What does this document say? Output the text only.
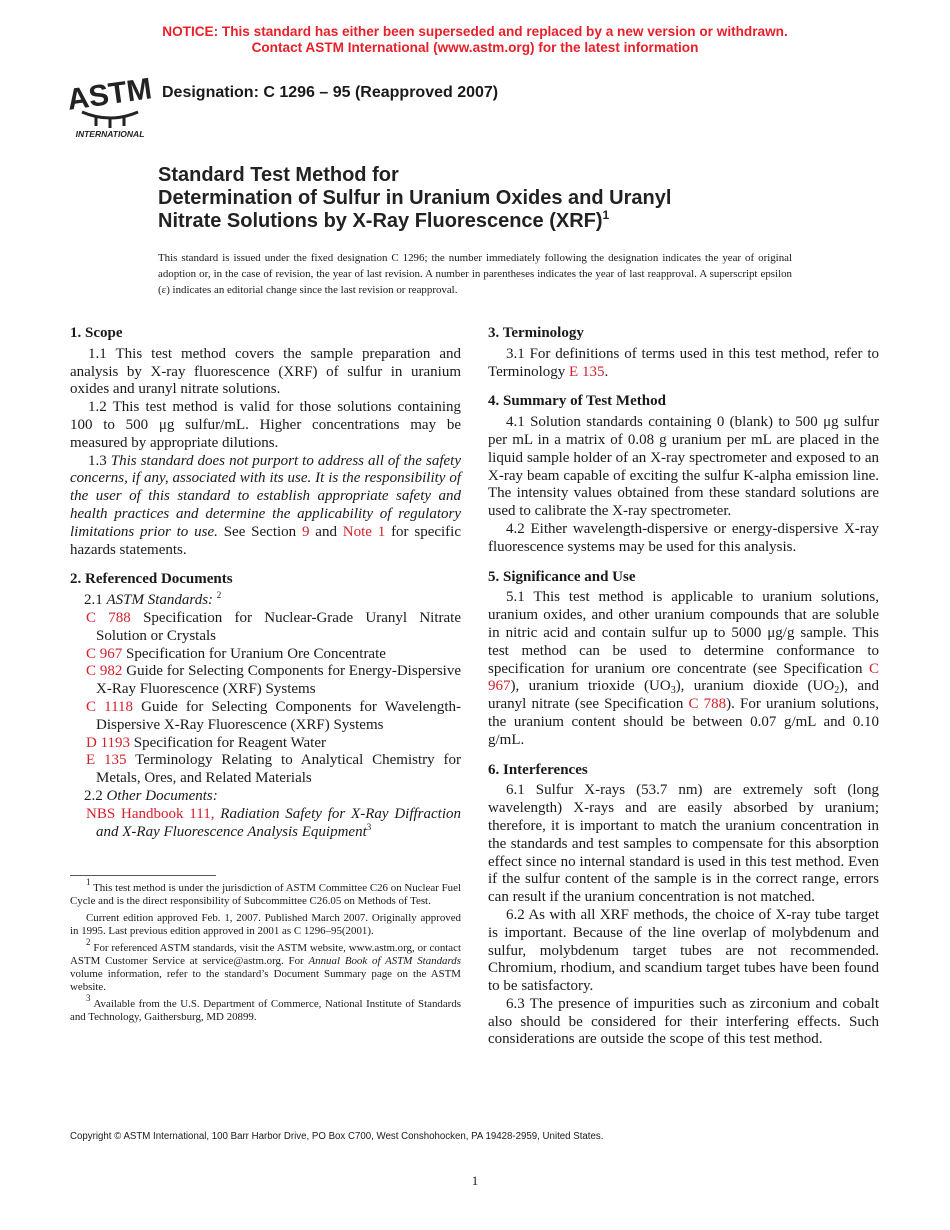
NOTICE: This standard has either been superseded and replaced by a new version or withdrawn.
Contact ASTM International (www.astm.org) for the latest information
ASTM
INTERNATIONAL
Designation: C 1296 – 95 (Reapproved 2007)
Standard Test Method for
Determination of Sulfur in Uranium Oxides and Uranyl
Nitrate Solutions by X-Ray Fluorescence (XRF)$^1$
This standard is issued under the fixed designation C 1296; the number immediately following the designation indicates the year of original adoption or, in the case of revision, the year of last revision. A number in parentheses indicates the year of last reapproval. A superscript epsilon (ε) indicates an editorial change since the last revision or reapproval.
1. Scope

1.1 This test method covers the sample preparation and analysis by X-ray fluorescence (XRF) of sulfur in uranium oxides and uranyl nitrate solutions.

1.2 This test method is valid for those solutions containing 100 to 500 μg sulfur/mL. Higher concentrations may be measured by appropriate dilutions.

1.3 This standard does not purport to address all of the safety concerns, if any, associated with its use. It is the responsibility of the user of this standard to establish appropriate safety and health practices and determine the applicability of regulatory limitations prior to use. See Section 9 and Note 1 for specific hazards statements.

2. Referenced Documents

2.1 ASTM Standards: $^2$

C 788 Specification for Nuclear-Grade Uranyl Nitrate Solution or Crystals

C 967 Specification for Uranium Ore Concentrate

C 982 Guide for Selecting Components for Energy-Dispersive X-Ray Fluorescence (XRF) Systems

C 1118 Guide for Selecting Components for Wavelength-Dispersive X-Ray Fluorescence (XRF) Systems

D 1193 Specification for Reagent Water

E 135 Terminology Relating to Analytical Chemistry for Metals, Ores, and Related Materials

2.2 Other Documents:

NBS Handbook 111, Radiation Safety for X-Ray Diffraction and X-Ray Fluorescence Analysis Equipment$^3$

$^1$ This test method is under the jurisdiction of ASTM Committee C26 on Nuclear Fuel Cycle and is the direct responsibility of Subcommittee C26.05 on Methods of Test.

Current edition approved Feb. 1, 2007. Published March 2007. Originally approved in 1995. Last previous edition approved in 2001 as C 1296–95(2001).

$^2$ For referenced ASTM standards, visit the ASTM website, www.astm.org, or contact ASTM Customer Service at service@astm.org. For Annual Book of ASTM Standards volume information, refer to the standard’s Document Summary page on the ASTM website.

$^3$ Available from the U.S. Department of Commerce, National Institute of Standards and Technology, Gaithersburg, MD 20899.

3. Terminology

3.1 For definitions of terms used in this test method, refer to Terminology E 135.

4. Summary of Test Method

4.1 Solution standards containing 0 (blank) to 500 μg sulfur per mL in a matrix of 0.08 g uranium per mL are placed in the liquid sample holder of an X-ray spectrometer and exposed to an X-ray beam capable of exciting the sulfur K-alpha emission line. The intensity values obtained from these standard solutions are used to calibrate the X-ray spectrometer.

4.2 Either wavelength-dispersive or energy-dispersive X-ray fluorescence systems may be used for this analysis.

5. Significance and Use

5.1 This test method is applicable to uranium solutions, uranium oxides, and other uranium compounds that are soluble in nitric acid and contain sulfur up to 5000 μg/g sample. This test method can be used to determine conformance to specification for uranium ore concentrate (see Specification C 967), uranium trioxide $(UO_3)$, uranium dioxide $(UO_2)$, and uranyl nitrate (see Specification C 788). For uranium solutions, the uranium content should be between 0.07 g/mL and 0.10 g/mL.

6. Interferences

6.1 Sulfur X-rays (53.7 nm) are extremely soft (long wavelength) X-rays and are easily absorbed by uranium; therefore, it is important to match the uranium concentration in the standards and test samples to compensate for this absorption effect since no internal standard is used in this test method. Even if the sulfur content of the sample is in the correct range, errors can result if the uranium concentration is not matched.

6.2 As with all XRF methods, the choice of X-ray tube target is important. Because of the line overlap of molybdenum and sulfur, molybdenum target tubes are not recommended. Chromium, rhodium, and scandium target tubes have been found to be satisfactory.

6.3 The presence of impurities such as zirconium and cobalt also should be considered for their interfering effects. Such considerations are outside the scope of this test method.

Copyright © ASTM International, 100 Barr Harbor Drive, PO Box C700, West Conshohocken, PA 19428-2959, United States.
1
